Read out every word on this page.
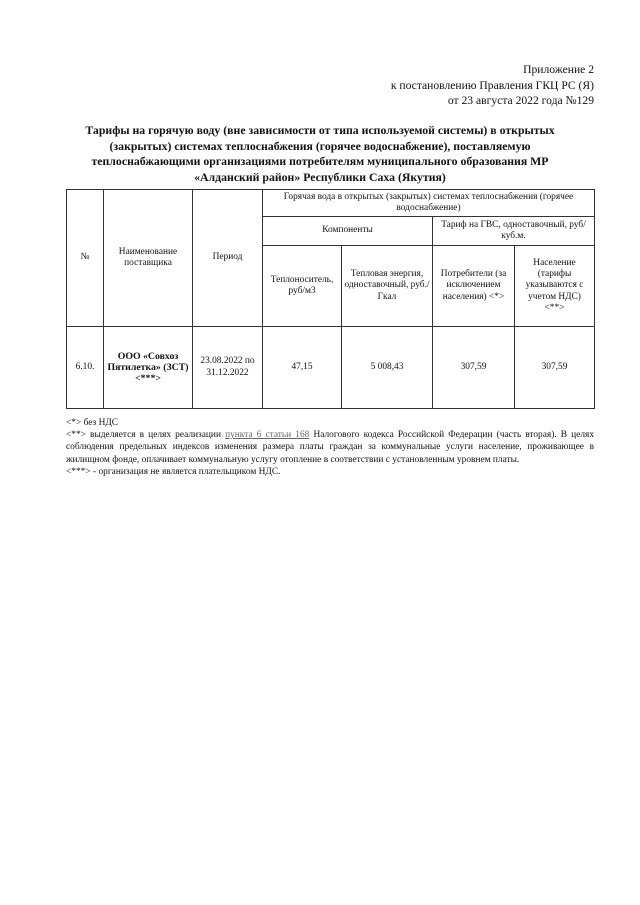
Приложение 2
к постановлению Правления ГКЦ РС (Я)
от 23 августа 2022 года №129
Тарифы на горячую воду (вне зависимости от типа используемой системы) в открытых (закрытых) системах теплоснабжения (горячее водоснабжение), поставляемую теплоснабжающими организациями потребителям муниципального образования МР «Алданский район» Республики Саха (Якутия)
№	Наименование поставщика	Период	Горячая вода в открытых (закрытых) системах теплоснабжения (горячее водоснабжение)			
			Компоненты		Тариф на ГВС, одноставочный, руб/куб.м.	
			Теплоноситель, руб/м3	Тепловая энергия, одноставочный, руб./Гкал	Потребители (за исключением населения) <*>	Население (тарифы указываются с учетом НДС) <**>
6.10.	ООО «Совхоз Пятилетка» (ЗСТ) <***>	23.08.2022 по 31.12.2022	47,15	5 008,43	307,59	307,59

<*> без НДС

<**> выделяется в целях реализации пункта 6 статьи 168 Налогового кодекса Российской Федерации (часть вторая). В целях соблюдения предельных индексов изменения размера платы граждан за коммунальные услуги население, проживающее в жилищном фонде, оплачивает коммунальную услугу отопление в соответствии с установленным уровнем платы.

<***> - организация не является плательщиком НДС.
